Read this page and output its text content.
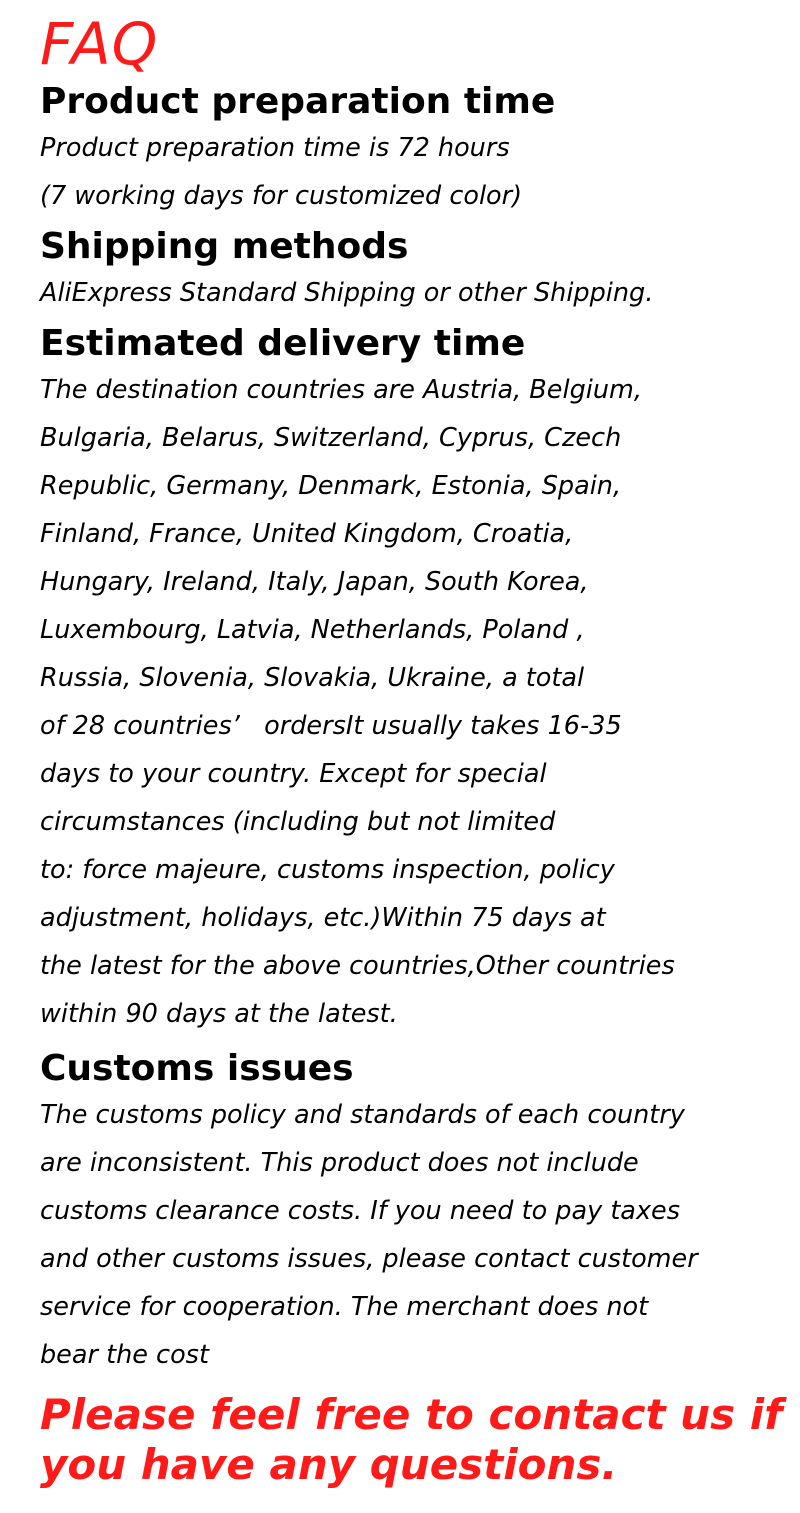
FAQ
Product preparation time
Product preparation time is 72 hours
(7 working days for customized color)
Shipping methods
AliExpress Standard Shipping or other Shipping.
Estimated delivery time
The destination countries are Austria, Belgium,
Bulgaria, Belarus, Switzerland, Cyprus, Czech
Republic, Germany, Denmark, Estonia, Spain,
Finland, France, United Kingdom, Croatia,
Hungary, Ireland, Italy, Japan, South Korea,
Luxembourg, Latvia, Netherlands, Poland ,
Russia, Slovenia, Slovakia, Ukraine, a total
of 28 countries’   ordersIt usually takes 16-35
days to your country. Except for special
circumstances (including but not limited
to: force majeure, customs inspection, policy
adjustment, holidays, etc.)Within 75 days at
the latest for the above countries,Other countries
within 90 days at the latest.
Customs issues
The customs policy and standards of each country
are inconsistent. This product does not include
customs clearance costs. If you need to pay taxes
and other customs issues, please contact customer
service for cooperation. The merchant does not
bear the cost
Please feel free to contact us if
you have any questions.
